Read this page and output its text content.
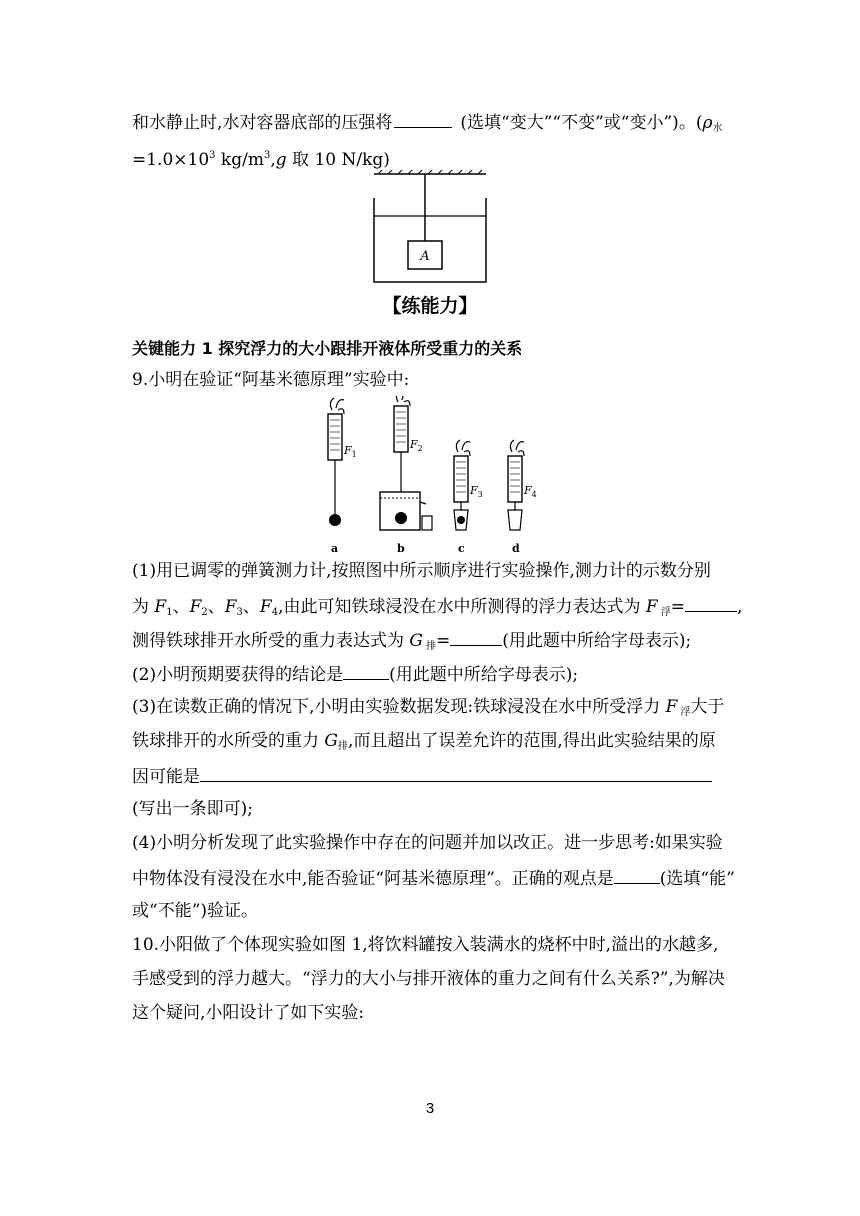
和水静止时,水对容器底部的压强将	(选填“变大”“不变”或“变小”)。($\rho_水$
$=1.0\times 10^3$ $kg/m^3,g$ 取 10 N/kg)
A
【练能力】
关键能力 1 探究浮力的大小跟排开液体所受重力的关系
9.小明在验证“阿基米德原理”实验中:
$F_1$
a
$F_2$
b
$F_3$
c
$F_4$
d
(1)用已调零的弹簧测力计,按照图中所示顺序进行实验操作,测力计的示数分别
为 $F_1$、$F_2$、$F_3$、$F_4$,由此可知铁球浸没在水中所测得的浮力表达式为 F $_浮$=	,
测得铁球排开水所受的重力表达式为 G $_排$=	(用此题中所给字母表示);
(2)小明预期要获得的结论是	(用此题中所给字母表示);
(3)在读数正确的情况下,小明由实验数据发现:铁球浸没在水中所受浮力 F $_浮$大于
铁球排开的水所受的重力 $G_排$,而且超出了误差允许的范围,得出此实验结果的原
因可能是
(写出一条即可);
(4)小明分析发现了此实验操作中存在的问题并加以改正。进一步思考:如果实验
中物体没有浸没在水中,能否验证“阿基米德原理”。正确的观点是	(选填“能”
或“不能”)验证。
10.小阳做了个体现实验如图 1,将饮料罐按入装满水的烧杯中时,溢出的水越多,
手感受到的浮力越大。“浮力的大小与排开液体的重力之间有什么关系?”,为解决
这个疑问,小阳设计了如下实验:
3
